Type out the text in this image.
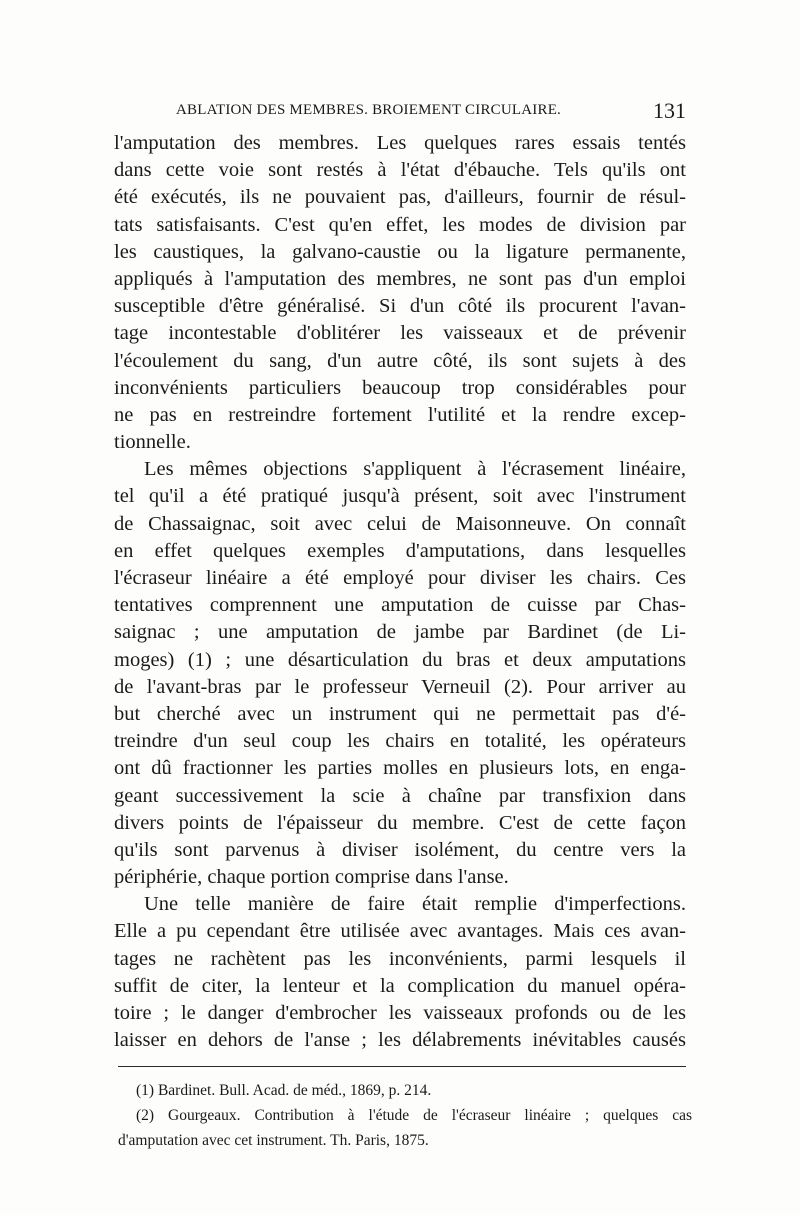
ABLATION DES MEMBRES. BROIEMENT CIRCULAIRE.	131
l'amputation des membres. Les quelques rares essais tentés
dans cette voie sont restés à l'état d'ébauche. Tels qu'ils ont
été exécutés, ils ne pouvaient pas, d'ailleurs, fournir de résul-
tats satisfaisants. C'est qu'en effet, les modes de division par
les caustiques, la galvano-caustie ou la ligature permanente,
appliqués à l'amputation des membres, ne sont pas d'un emploi
susceptible d'être généralisé. Si d'un côté ils procurent l'avan-
tage incontestable d'oblitérer les vaisseaux et de prévenir
l'écoulement du sang, d'un autre côté, ils sont sujets à des
inconvénients particuliers beaucoup trop considérables pour
ne pas en restreindre fortement l'utilité et la rendre excep-
tionnelle.
Les mêmes objections s'appliquent à l'écrasement linéaire,
tel qu'il a été pratiqué jusqu'à présent, soit avec l'instrument
de Chassaignac, soit avec celui de Maisonneuve. On connaît
en effet quelques exemples d'amputations, dans lesquelles
l'écraseur linéaire a été employé pour diviser les chairs. Ces
tentatives comprennent une amputation de cuisse par Chas-
saignac ; une amputation de jambe par Bardinet (de Li-
moges) (1) ; une désarticulation du bras et deux amputations
de l'avant-bras par le professeur Verneuil (2). Pour arriver au
but cherché avec un instrument qui ne permettait pas d'é-
treindre d'un seul coup les chairs en totalité, les opérateurs
ont dû fractionner les parties molles en plusieurs lots, en enga-
geant successivement la scie à chaîne par transfixion dans
divers points de l'épaisseur du membre. C'est de cette façon
qu'ils sont parvenus à diviser isolément, du centre vers la
périphérie, chaque portion comprise dans l'anse.
Une telle manière de faire était remplie d'imperfections.
Elle a pu cependant être utilisée avec avantages. Mais ces avan-
tages ne rachètent pas les inconvénients, parmi lesquels il
suffit de citer, la lenteur et la complication du manuel opéra-
toire ; le danger d'embrocher les vaisseaux profonds ou de les
laisser en dehors de l'anse ; les délabrements inévitables causés
(1) Bardinet. Bull. Acad. de méd., 1869, p. 214.
(2) Gourgeaux. Contribution à l'étude de l'écraseur linéaire ; quelques cas
d'amputation avec cet instrument. Th. Paris, 1875.
